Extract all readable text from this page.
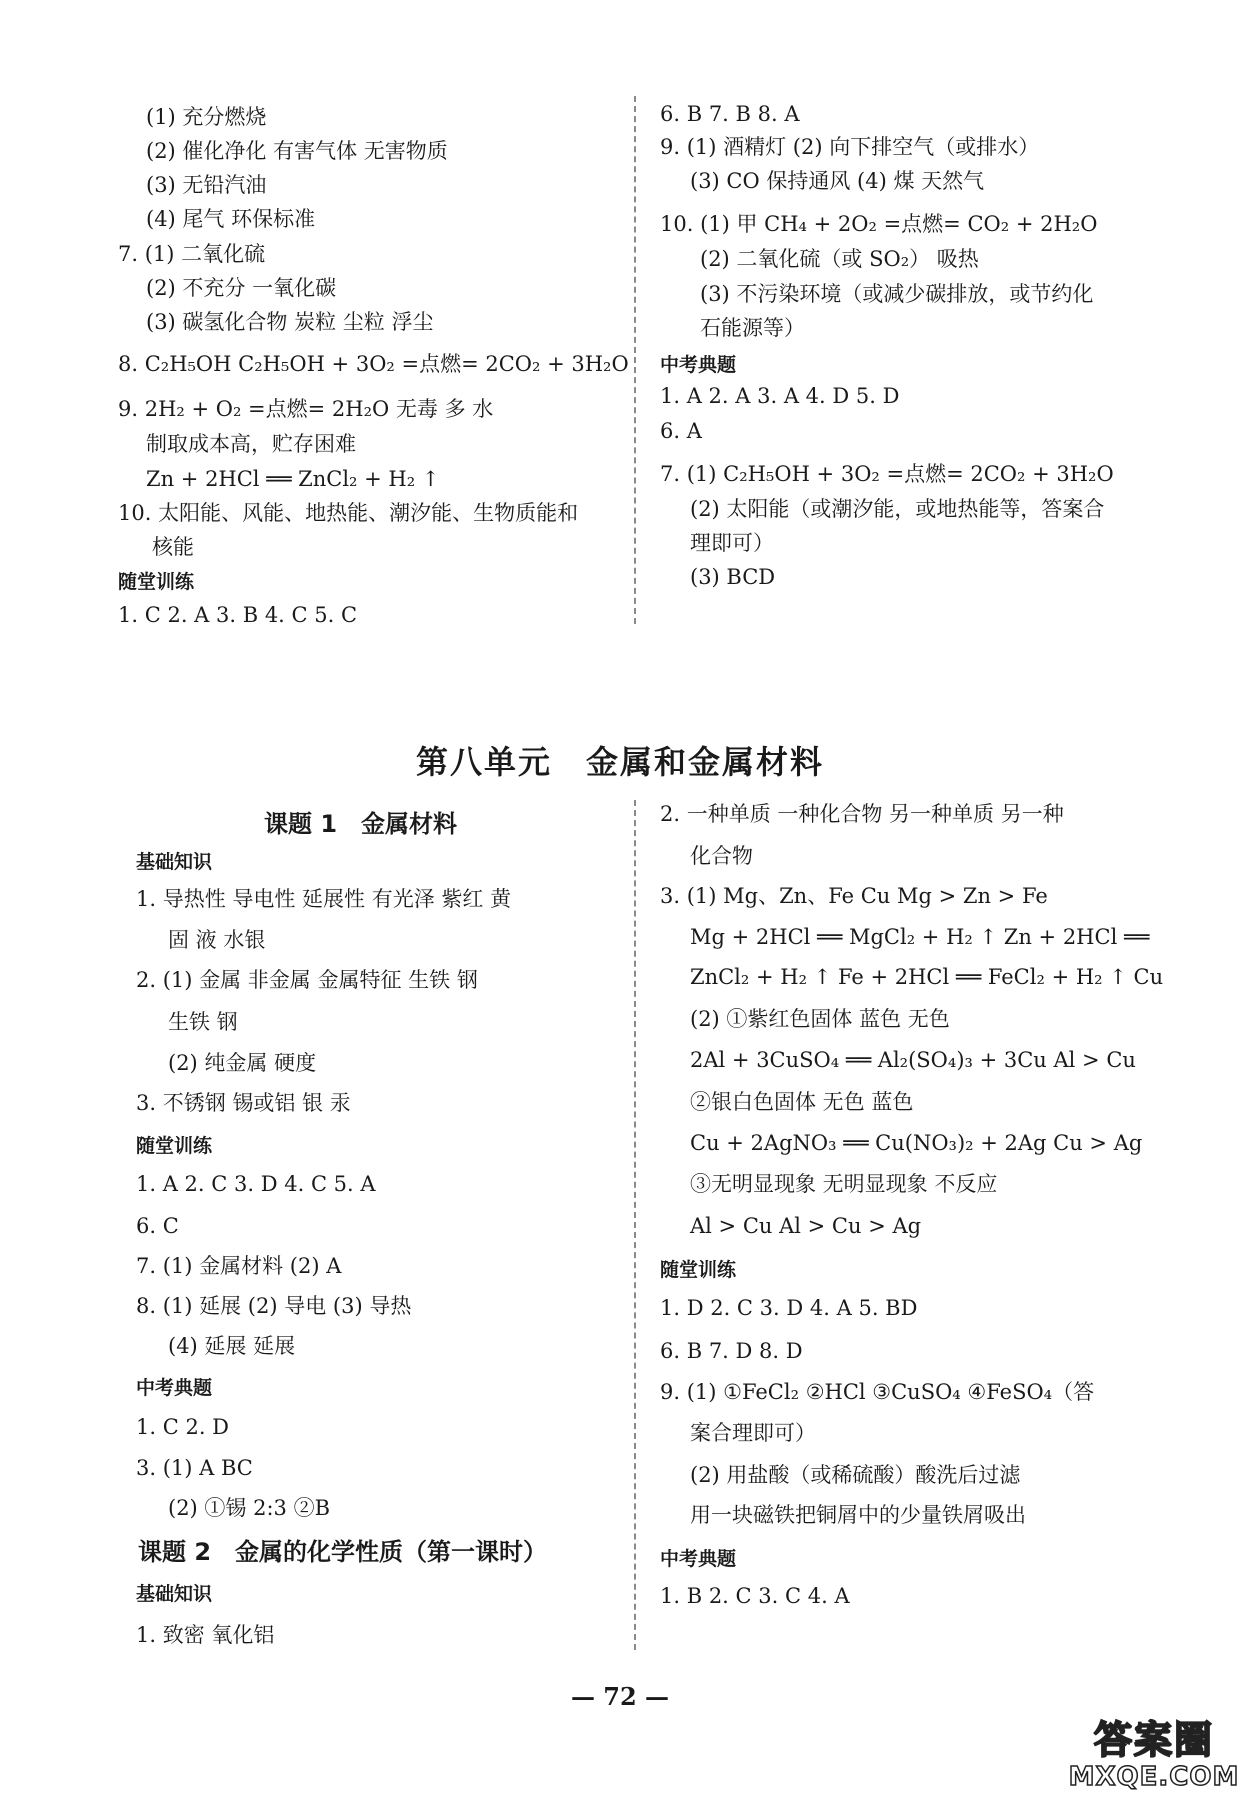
(1) 充分燃烧
(2) 催化净化 有害气体 无害物质
(3) 无铅汽油
(4) 尾气 环保标准
7. (1) 二氧化硫
(2) 不充分 一氧化碳
(3) 碳氢化合物 炭粒 尘粒 浮尘
8. C₂H₅OH C₂H₅OH + 3O₂ =点燃= 2CO₂ + 3H₂O
9. 2H₂ + O₂ =点燃= 2H₂O 无毒 多 水
制取成本高，贮存困难
Zn + 2HCl ══ ZnCl₂ + H₂ ↑
10. 太阳能、风能、地热能、潮汐能、生物质能和
核能
随堂训练
1. C 2. A 3. B 4. C 5. C
6. B 7. B 8. A
9. (1) 酒精灯 (2) 向下排空气（或排水）
(3) CO 保持通风 (4) 煤 天然气
10. (1) 甲 CH₄ + 2O₂ =点燃= CO₂ + 2H₂O
(2) 二氧化硫（或 SO₂） 吸热
(3) 不污染环境（或减少碳排放，或节约化
石能源等）
中考典题
1. A 2. A 3. A 4. D 5. D
6. A
7. (1) C₂H₅OH + 3O₂ =点燃= 2CO₂ + 3H₂O
(2) 太阳能（或潮汐能，或地热能等，答案合
理即可）
(3) BCD
第八单元　金属和金属材料
课题 1　金属材料
基础知识
1. 导热性 导电性 延展性 有光泽 紫红 黄
固 液 水银
2. (1) 金属 非金属 金属特征 生铁 钢
生铁 钢
(2) 纯金属 硬度
3. 不锈钢 锡或铝 银 汞
随堂训练
1. A 2. C 3. D 4. C 5. A
6. C
7. (1) 金属材料 (2) A
8. (1) 延展 (2) 导电 (3) 导热
(4) 延展 延展
中考典题
1. C 2. D
3. (1) A BC
(2) ①锡 2:3 ②B
课题 2　金属的化学性质（第一课时）
基础知识
1. 致密 氧化铝
2. 一种单质 一种化合物 另一种单质 另一种
化合物
3. (1) Mg、Zn、Fe Cu Mg > Zn > Fe
Mg + 2HCl ══ MgCl₂ + H₂ ↑ Zn + 2HCl ══
ZnCl₂ + H₂ ↑ Fe + 2HCl ══ FeCl₂ + H₂ ↑ Cu
(2) ①紫红色固体 蓝色 无色
2Al + 3CuSO₄ ══ Al₂(SO₄)₃ + 3Cu Al > Cu
②银白色固体 无色 蓝色
Cu + 2AgNO₃ ══ Cu(NO₃)₂ + 2Ag Cu > Ag
③无明显现象 无明显现象 不反应
Al > Cu Al > Cu > Ag
随堂训练
1. D 2. C 3. D 4. A 5. BD
6. B 7. D 8. D
9. (1) ①FeCl₂ ②HCl ③CuSO₄ ④FeSO₄（答
案合理即可）
(2) 用盐酸（或稀硫酸）酸洗后过滤
用一块磁铁把铜屑中的少量铁屑吸出
中考典题
1. B 2. C 3. C 4. A
— 72 —
答案圈
MXQE.COM
